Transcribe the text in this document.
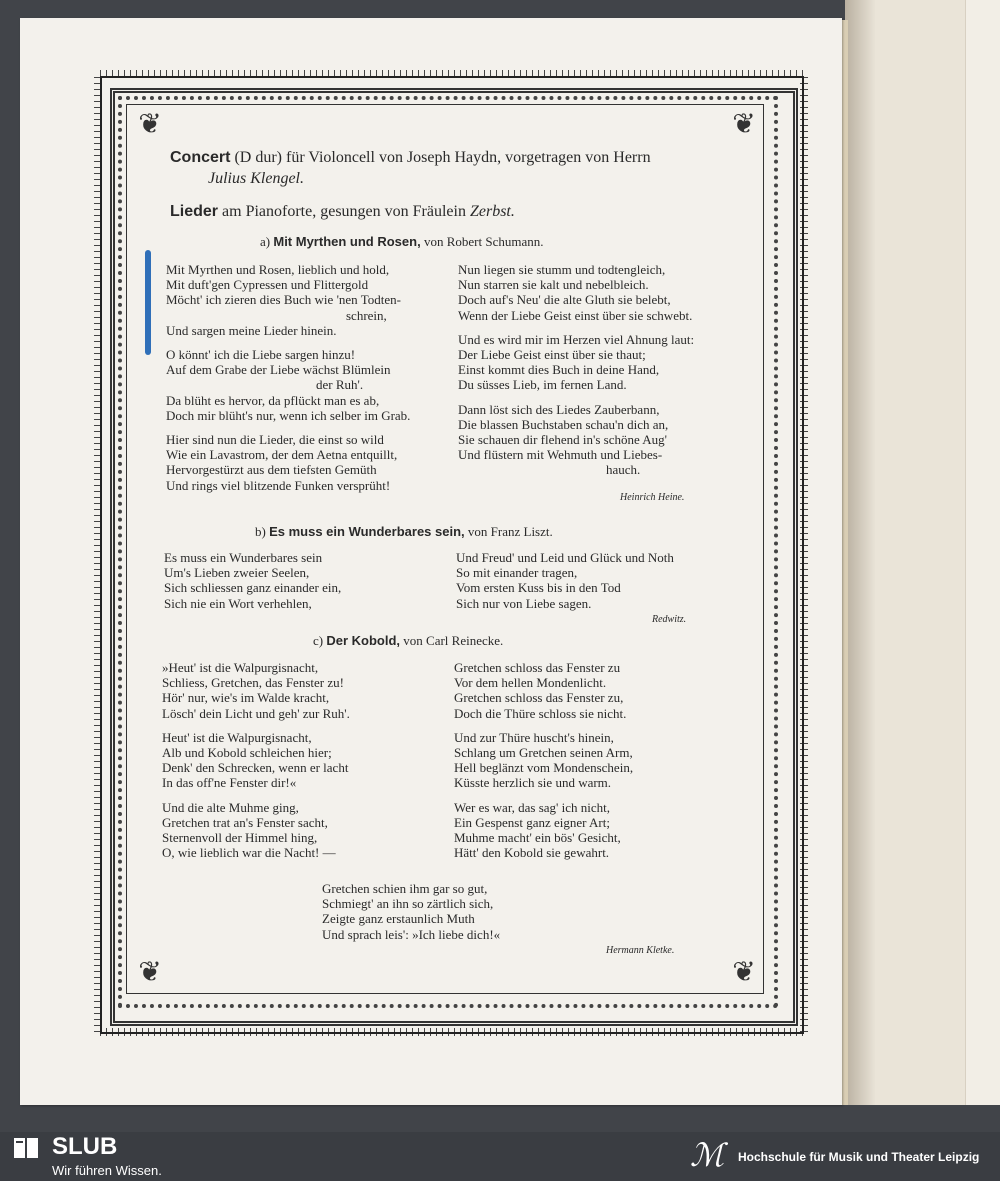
❦	❦
❦	❦
Concert (D dur) für Violoncell von Joseph Haydn, vorgetragen von Herrn
Julius Klengel.
Lieder am Pianoforte, gesungen von Fräulein Zerbst.
a) Mit Myrthen und Rosen, von Robert Schumann.
Mit Myrthen und Rosen, lieblich und hold,
Mit duft'gen Cypressen und Flittergold
Möcht' ich zieren dies Buch wie 'nen Todten-
schrein,
Und sargen meine Lieder hinein.
O könnt' ich die Liebe sargen hinzu!
Auf dem Grabe der Liebe wächst Blümlein
der Ruh'.
Da blüht es hervor, da pflückt man es ab,
Doch mir blüht's nur, wenn ich selber im Grab.
Hier sind nun die Lieder, die einst so wild
Wie ein Lavastrom, der dem Aetna entquillt,
Hervorgestürzt aus dem tiefsten Gemüth
Und rings viel blitzende Funken versprüht!
Nun liegen sie stumm und todtengleich,
Nun starren sie kalt und nebelbleich.
Doch auf's Neu' die alte Gluth sie belebt,
Wenn der Liebe Geist einst über sie schwebt.
Und es wird mir im Herzen viel Ahnung laut:
Der Liebe Geist einst über sie thaut;
Einst kommt dies Buch in deine Hand,
Du süsses Lieb, im fernen Land.
Dann löst sich des Liedes Zauberbann,
Die blassen Buchstaben schau'n dich an,
Sie schauen dir flehend in's schöne Aug'
Und flüstern mit Wehmuth und Liebes-
hauch.
Heinrich Heine.
b) Es muss ein Wunderbares sein, von Franz Liszt.
Es muss ein Wunderbares sein
Um's Lieben zweier Seelen,
Sich schliessen ganz einander ein,
Sich nie ein Wort verhehlen,
Und Freud' und Leid und Glück und Noth
So mit einander tragen,
Vom ersten Kuss bis in den Tod
Sich nur von Liebe sagen.
Redwitz.
c) Der Kobold, von Carl Reinecke.
»Heut' ist die Walpurgisnacht,
Schliess, Gretchen, das Fenster zu!
Hör' nur, wie's im Walde kracht,
Lösch' dein Licht und geh' zur Ruh'.
Heut' ist die Walpurgisnacht,
Alb und Kobold schleichen hier;
Denk' den Schrecken, wenn er lacht
In das off'ne Fenster dir!«
Und die alte Muhme ging,
Gretchen trat an's Fenster sacht,
Sternenvoll der Himmel hing,
O, wie lieblich war die Nacht! —
Gretchen schloss das Fenster zu
Vor dem hellen Mondenlicht.
Gretchen schloss das Fenster zu,
Doch die Thüre schloss sie nicht.
Und zur Thüre huscht's hinein,
Schlang um Gretchen seinen Arm,
Hell beglänzt vom Mondenschein,
Küsste herzlich sie und warm.
Wer es war, das sag' ich nicht,
Ein Gespenst ganz eigner Art;
Muhme macht' ein bös' Gesicht,
Hätt' den Kobold sie gewahrt.
Gretchen schien ihm gar so gut,
Schmiegt' an ihn so zärtlich sich,
Zeigte ganz erstaunlich Muth
Und sprach leis': »Ich liebe dich!«
Hermann Kletke.
SLUB
Wir führen Wissen.	ℳ	Hochschule für Musik und Theater Leipzig
